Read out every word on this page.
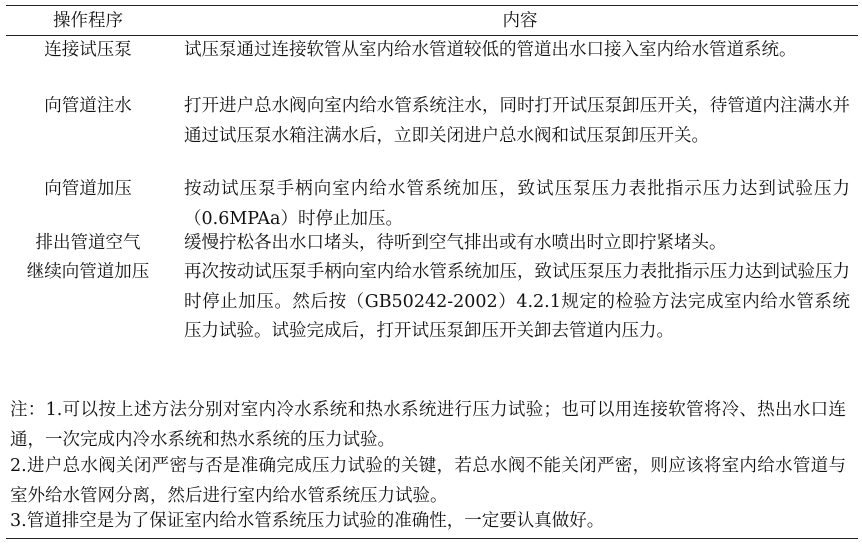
操作程序	内容
连接试压泵	试压泵通过连接软管从室内给水管道较低的管道出水口接入室内给水管道系统。
向管道注水	打开进户总水阀向室内给水管系统注水，同时打开试压泵卸压开关，待管道内注满水并通过试压泵水箱注满水后，立即关闭进户总水阀和试压泵卸压开关。
向管道加压	按动试压泵手柄向室内给水管系统加压，致试压泵压力表批指示压力达到试验压力（0.6MPAa）时停止加压。
排出管道空气	缓慢拧松各出水口堵头，待听到空气排出或有水喷出时立即拧紧堵头。
继续向管道加压	再次按动试压泵手柄向室内给水管系统加压，致试压泵压力表批指示压力达到试验压力时停止加压。然后按（GB50242-2002）4.2.1规定的检验方法完成室内给水管系统压力试验。试验完成后，打开试压泵卸压开关卸去管道内压力。
注：1.可以按上述方法分别对室内冷水系统和热水系统进行压力试验；也可以用连接软管将冷、热出水口连通，一次完成内冷水系统和热水系统的压力试验。
2.进户总水阀关闭严密与否是准确完成压力试验的关键，若总水阀不能关闭严密，则应该将室内给水管道与室外给水管网分离，然后进行室内给水管系统压力试验。
3.管道排空是为了保证室内给水管系统压力试验的准确性，一定要认真做好。
